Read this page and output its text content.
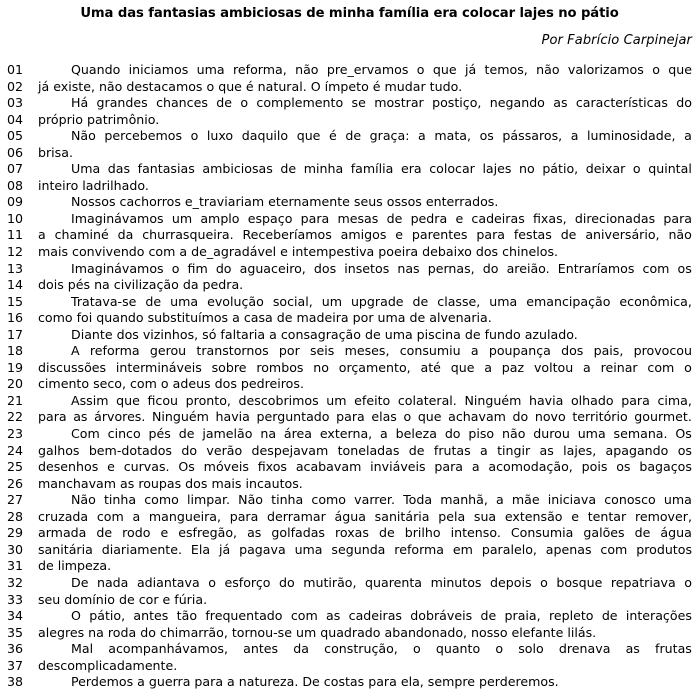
Uma das fantasias ambiciosas de minha família era colocar lajes no pátio

Por Fabrício Carpinejar

01	Quando iniciamos uma reforma, não pre_ervamos o que já temos, não valorizamos o que
02	já existe, não destacamos o que é natural. O ímpeto é mudar tudo.
03	Há grandes chances de o complemento se mostrar postiço, negando as características do
04	próprio patrimônio.
05	Não percebemos o luxo daquilo que é de graça: a mata, os pássaros, a luminosidade, a
06	brisa.
07	Uma das fantasias ambiciosas de minha família era colocar lajes no pátio, deixar o quintal
08	inteiro ladrilhado.
09	Nossos cachorros e_traviariam eternamente seus ossos enterrados.
10	Imaginávamos um amplo espaço para mesas de pedra e cadeiras fixas, direcionadas para
11	a chaminé da churrasqueira. Receberíamos amigos e parentes para festas de aniversário, não
12	mais convivendo com a de_agradável e intempestiva poeira debaixo dos chinelos.
13	Imaginávamos o fim do aguaceiro, dos insetos nas pernas, do areião. Entraríamos com os
14	dois pés na civilização da pedra.
15	Tratava-se de uma evolução social, um upgrade de classe, uma emancipação econômica,
16	como foi quando substituímos a casa de madeira por uma de alvenaria.
17	Diante dos vizinhos, só faltaria a consagração de uma piscina de fundo azulado.
18	A reforma gerou transtornos por seis meses, consumiu a poupança dos pais, provocou
19	discussões intermináveis sobre rombos no orçamento, até que a paz voltou a reinar com o
20	cimento seco, com o adeus dos pedreiros.
21	Assim que ficou pronto, descobrimos um efeito colateral. Ninguém havia olhado para cima,
22	para as árvores. Ninguém havia perguntado para elas o que achavam do novo território gourmet.
23	Com cinco pés de jamelão na área externa, a beleza do piso não durou uma semana. Os
24	galhos bem-dotados do verão despejavam toneladas de frutas a tingir as lajes, apagando os
25	desenhos e curvas. Os móveis fixos acabavam inviáveis para a acomodação, pois os bagaços
26	manchavam as roupas dos mais incautos.
27	Não tinha como limpar. Não tinha como varrer. Toda manhã, a mãe iniciava conosco uma
28	cruzada com a mangueira, para derramar água sanitária pela sua extensão e tentar remover,
29	armada de rodo e esfregão, as golfadas roxas de brilho intenso. Consumia galões de água
30	sanitária diariamente. Ela já pagava uma segunda reforma em paralelo, apenas com produtos
31	de limpeza.
32	De nada adiantava o esforço do mutirão, quarenta minutos depois o bosque repatriava o
33	seu domínio de cor e fúria.
34	O pátio, antes tão frequentado com as cadeiras dobráveis de praia, repleto de interações
35	alegres na roda do chimarrão, tornou-se um quadrado abandonado, nosso elefante lilás.
36	Mal acompanhávamos, antes da construção, o quanto o solo drenava as frutas
37	descomplicadamente.
38	Perdemos a guerra para a natureza. De costas para ela, sempre perderemos.
